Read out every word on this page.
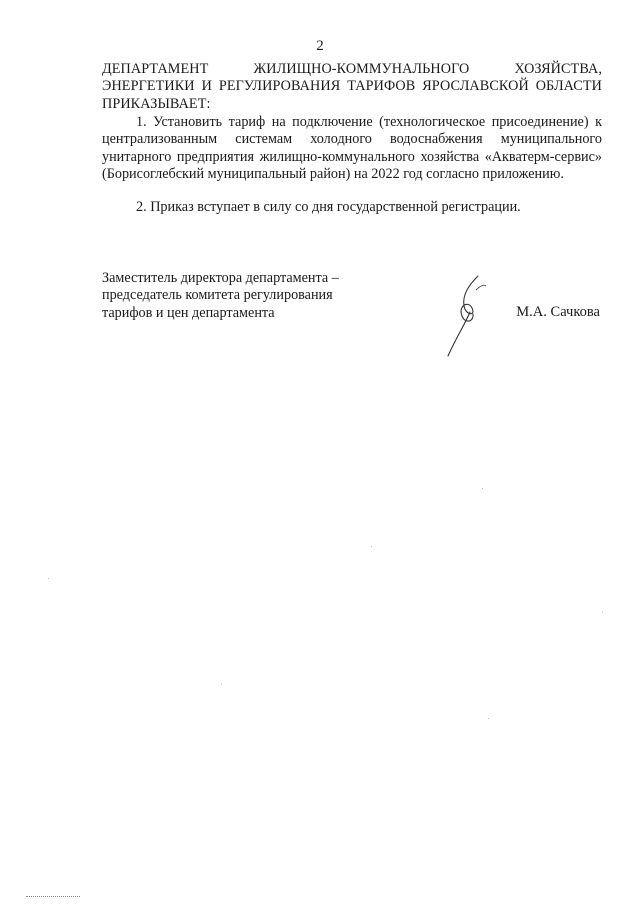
2
ДЕПАРТАМЕНТ ЖИЛИЩНО-КОММУНАЛЬНОГО ХОЗЯЙСТВА, ЭНЕРГЕТИКИ И РЕГУЛИРОВАНИЯ ТАРИФОВ ЯРОСЛАВСКОЙ ОБЛАСТИ ПРИКАЗЫВАЕТ:
1. Установить тариф на подключение (технологическое присоединение) к централизованным системам холодного водоснабжения муниципального унитарного предприятия жилищно-коммунального хозяйства «Акватерм-сервис» (Борисоглебский муниципальный район) на 2022 год согласно приложению.
2. Приказ вступает в силу со дня государственной регистрации.
Заместитель директора департамента –
председатель комитета регулирования
тарифов и цен департамента	М.А. Сачкова
